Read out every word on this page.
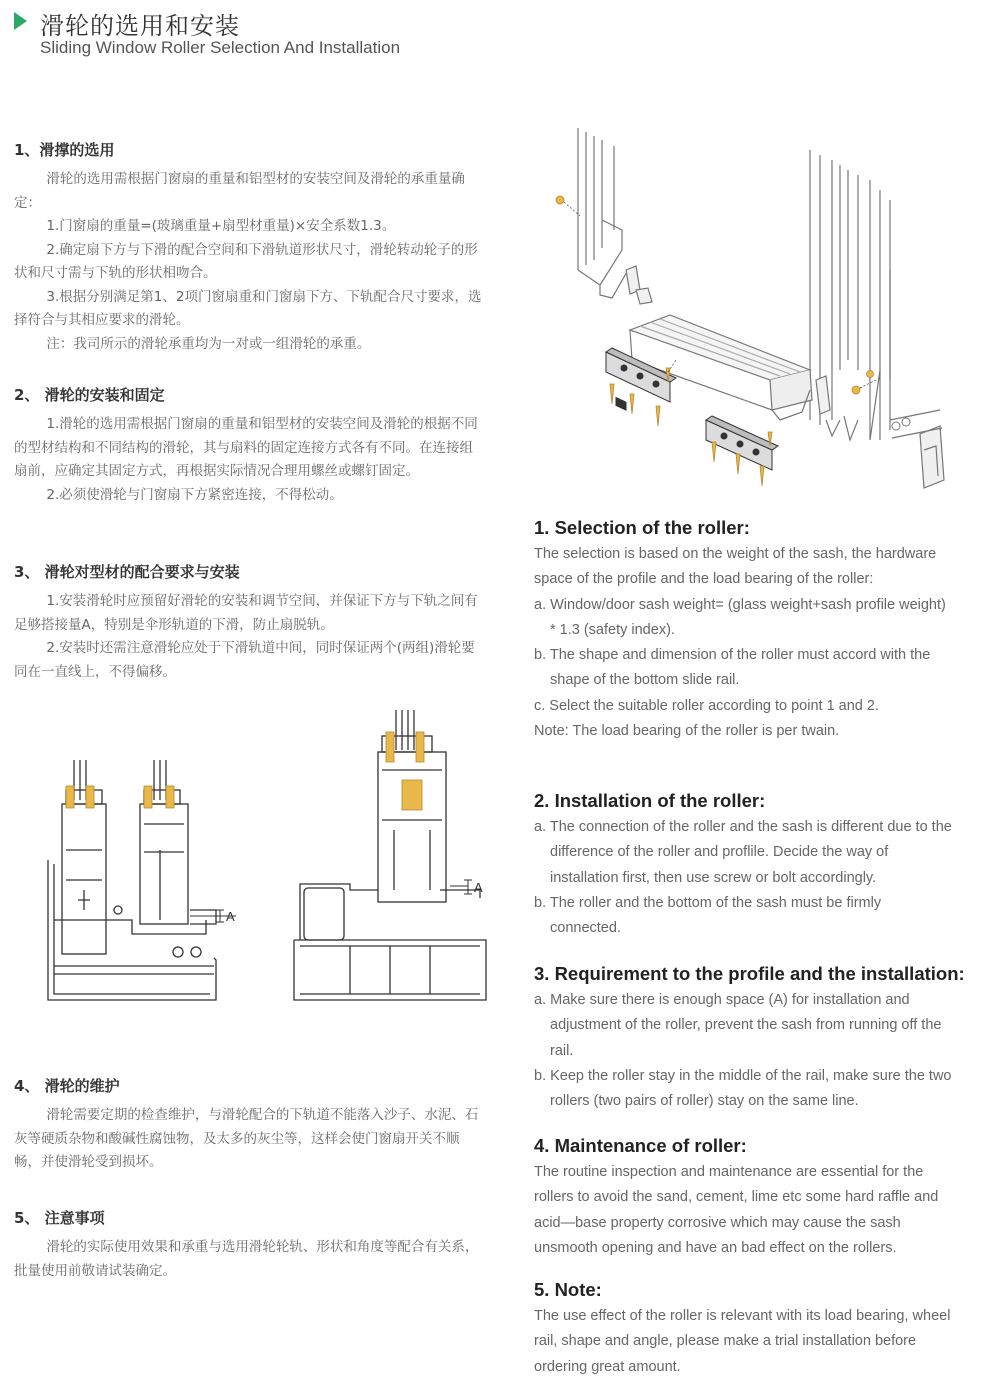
滑轮的选用和安装
Sliding Window Roller Selection And Installation
1、滑撑的选用

滑轮的选用需根据门窗扇的重量和铝型材的安装空间及滑轮的承重量确定：

1.门窗扇的重量=(玻璃重量+扇型材重量)×安全系数1.3。

2.确定扇下方与下滑的配合空间和下滑轨道形状尺寸，滑轮转动轮子的形状和尺寸需与下轨的形状相吻合。

3.根据分别满足第1、2项门窗扇重和门窗扇下方、下轨配合尺寸要求，选择符合与其相应要求的滑轮。

注：我司所示的滑轮承重均为一对或一组滑轮的承重。

2、 滑轮的安装和固定

1.滑轮的选用需根据门窗扇的重量和铝型材的安装空间及滑轮的根据不同的型材结构和不同结构的滑轮，其与扇料的固定连接方式各有不同。在连接组扇前，应确定其固定方式，再根据实际情况合理用螺丝或螺钉固定。

2.必须使滑轮与门窗扇下方紧密连接，不得松动。

3、 滑轮对型材的配合要求与安装

1.安装滑轮时应预留好滑轮的安装和调节空间，并保证下方与下轨之间有足够搭接量A，特别是伞形轨道的下滑，防止扇脱轨。

2.安装时还需注意滑轮应处于下滑轨道中间，同时保证两个(两组)滑轮要同在一直线上，不得偏移。

4、 滑轮的维护

滑轮需要定期的检查维护，与滑轮配合的下轨道不能落入沙子、水泥、石灰等硬质杂物和酸碱性腐蚀物，及太多的灰尘等，这样会使门窗扇开关不顺畅，并使滑轮受到损坏。

5、 注意事项

滑轮的实际使用效果和承重与选用滑轮轮轨、形状和角度等配合有关系，批量使用前敬请试装确定。

1. Selection of the roller:

The selection is based on the weight of the sash, the hardware space of the profile and the load bearing of the roller:

a. Window/door sash weight= (glass weight+sash profile weight) * 1.3 (safety index).

b. The shape and dimension of the roller must accord with the shape of the bottom slide rail.

c. Select the suitable roller according to point 1 and 2.

Note: The load bearing of the roller is per twain.

2. Installation of the roller:

a. The connection of the roller and the sash is different due to the difference of the roller and proflile. Decide the way of installation first, then use screw or bolt accordingly.

b. The roller and the bottom of the sash must be firmly connected.

3. Requirement to the profile and the installation:

a. Make sure there is enough space (A) for installation and adjustment of the roller, prevent the sash from running off the rail.

b. Keep the roller stay in the middle of the rail, make sure the two rollers (two pairs of roller) stay on the same line.

4. Maintenance of roller:

The routine inspection and maintenance are essential for the rollers to avoid the sand, cement, lime etc some hard raffle and acid—base property corrosive which may cause the sash unsmooth opening and have an bad effect on the rollers.

5. Note:

The use effect of the roller is relevant with its load bearing, wheel rail, shape and angle, please make a trial installation before ordering great amount.

A
A
